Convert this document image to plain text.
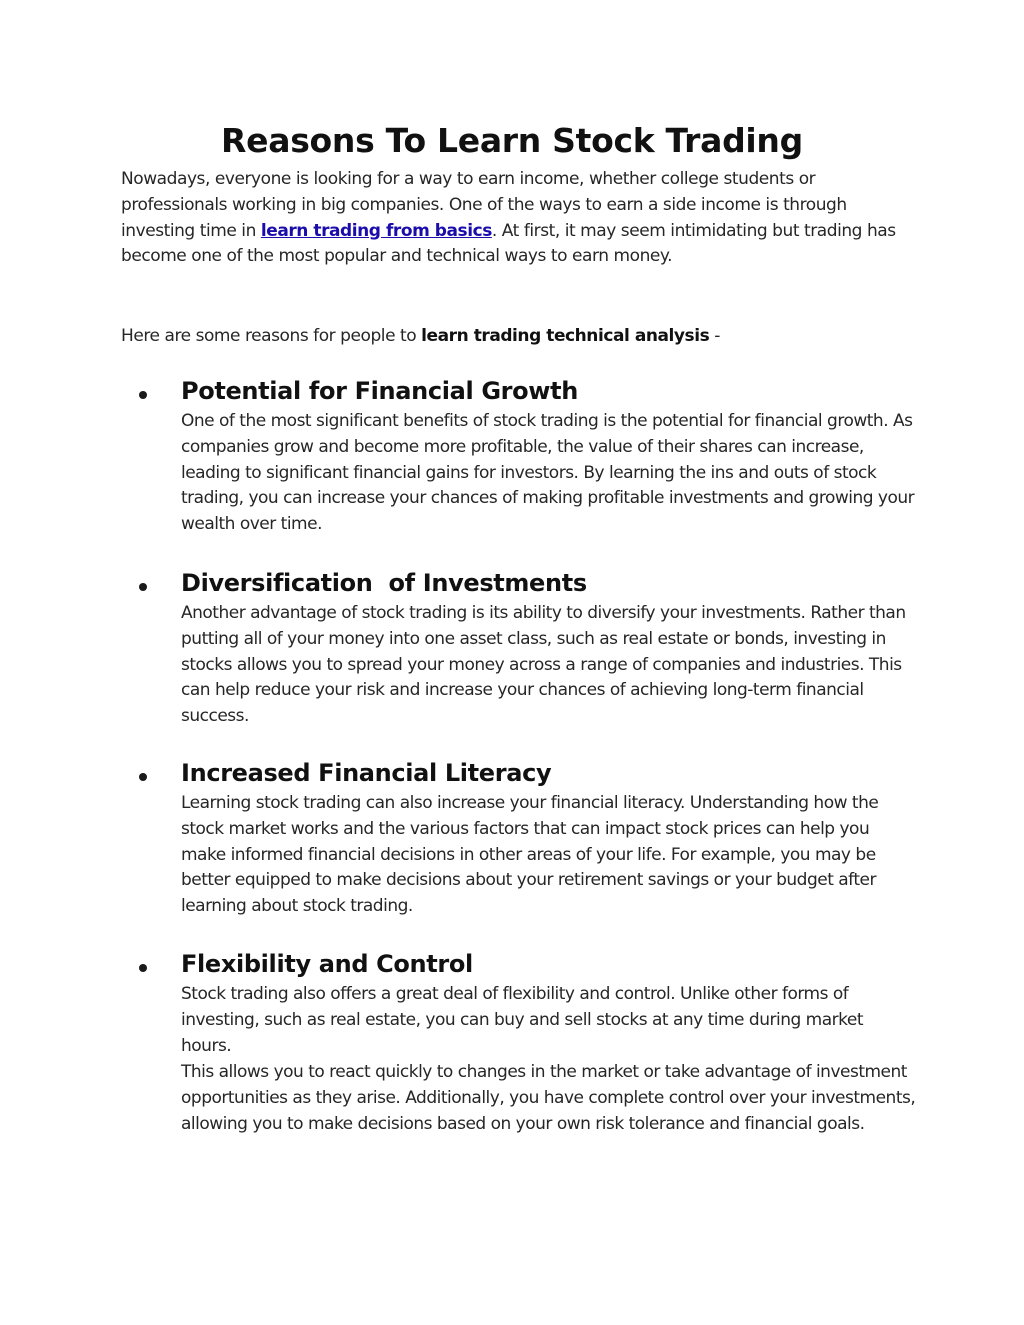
Reasons To Learn Stock Trading

Nowadays, everyone is looking for a way to earn income, whether college students or professionals working in big companies. One of the ways to earn a side income is through investing time in learn trading from basics. At first, it may seem intimidating but trading has become one of the most popular and technical ways to earn money.

Here are some reasons for people to learn trading technical analysis -

Potential for Financial Growth

One of the most significant benefits of stock trading is the potential for financial growth. As companies grow and become more profitable, the value of their shares can increase, leading to significant financial gains for investors. By learning the ins and outs of stock trading, you can increase your chances of making profitable investments and growing your wealth over time.

Diversification  of Investments

Another advantage of stock trading is its ability to diversify your investments. Rather than putting all of your money into one asset class, such as real estate or bonds, investing in stocks allows you to spread your money across a range of companies and industries. This can help reduce your risk and increase your chances of achieving long-term financial success.

Increased Financial Literacy

Learning stock trading can also increase your financial literacy. Understanding how the stock market works and the various factors that can impact stock prices can help you make informed financial decisions in other areas of your life. For example, you may be better equipped to make decisions about your retirement savings or your budget after learning about stock trading.

Flexibility and Control

Stock trading also offers a great deal of flexibility and control. Unlike other forms of investing, such as real estate, you can buy and sell stocks at any time during market hours.

This allows you to react quickly to changes in the market or take advantage of investment opportunities as they arise. Additionally, you have complete control over your investments, allowing you to make decisions based on your own risk tolerance and financial goals.
